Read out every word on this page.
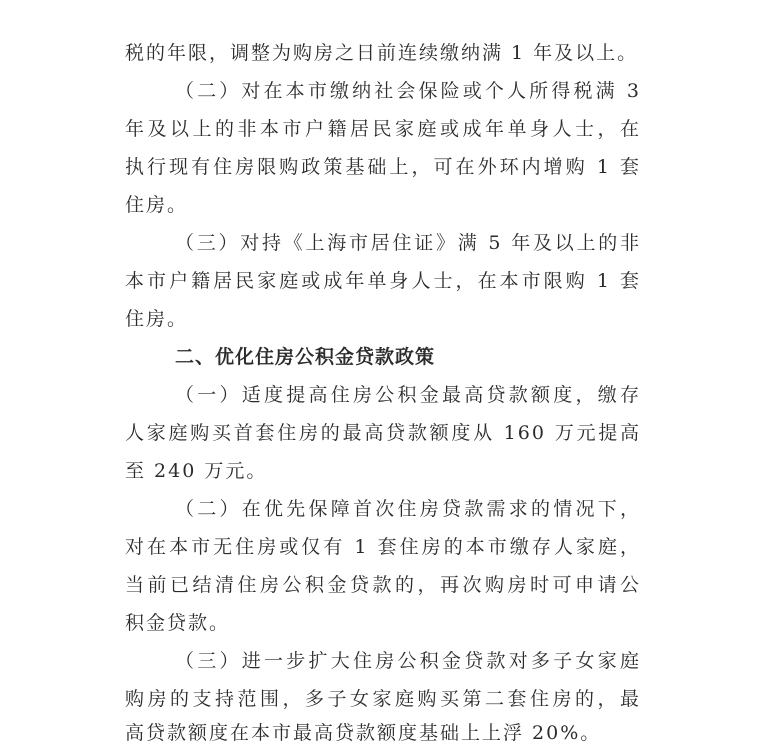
税的年限，调整为购房之日前连续缴纳满 1 年及以上。

（二）对在本市缴纳社会保险或个人所得税满 3

年及以上的非本市户籍居民家庭或成年单身人士，在

执行现有住房限购政策基础上，可在外环内增购 1 套

住房。

（三）对持《上海市居住证》满 5 年及以上的非

本市户籍居民家庭或成年单身人士，在本市限购 1 套

住房。

二、优化住房公积金贷款政策

（一）适度提高住房公积金最高贷款额度，缴存

人家庭购买首套住房的最高贷款额度从 160 万元提高

至 240 万元。

（二）在优先保障首次住房贷款需求的情况下，

对在本市无住房或仅有 1 套住房的本市缴存人家庭，

当前已结清住房公积金贷款的，再次购房时可申请公

积金贷款。

（三）进一步扩大住房公积金贷款对多子女家庭

购房的支持范围，多子女家庭购买第二套住房的，最

高贷款额度在本市最高贷款额度基础上上浮 20%。
